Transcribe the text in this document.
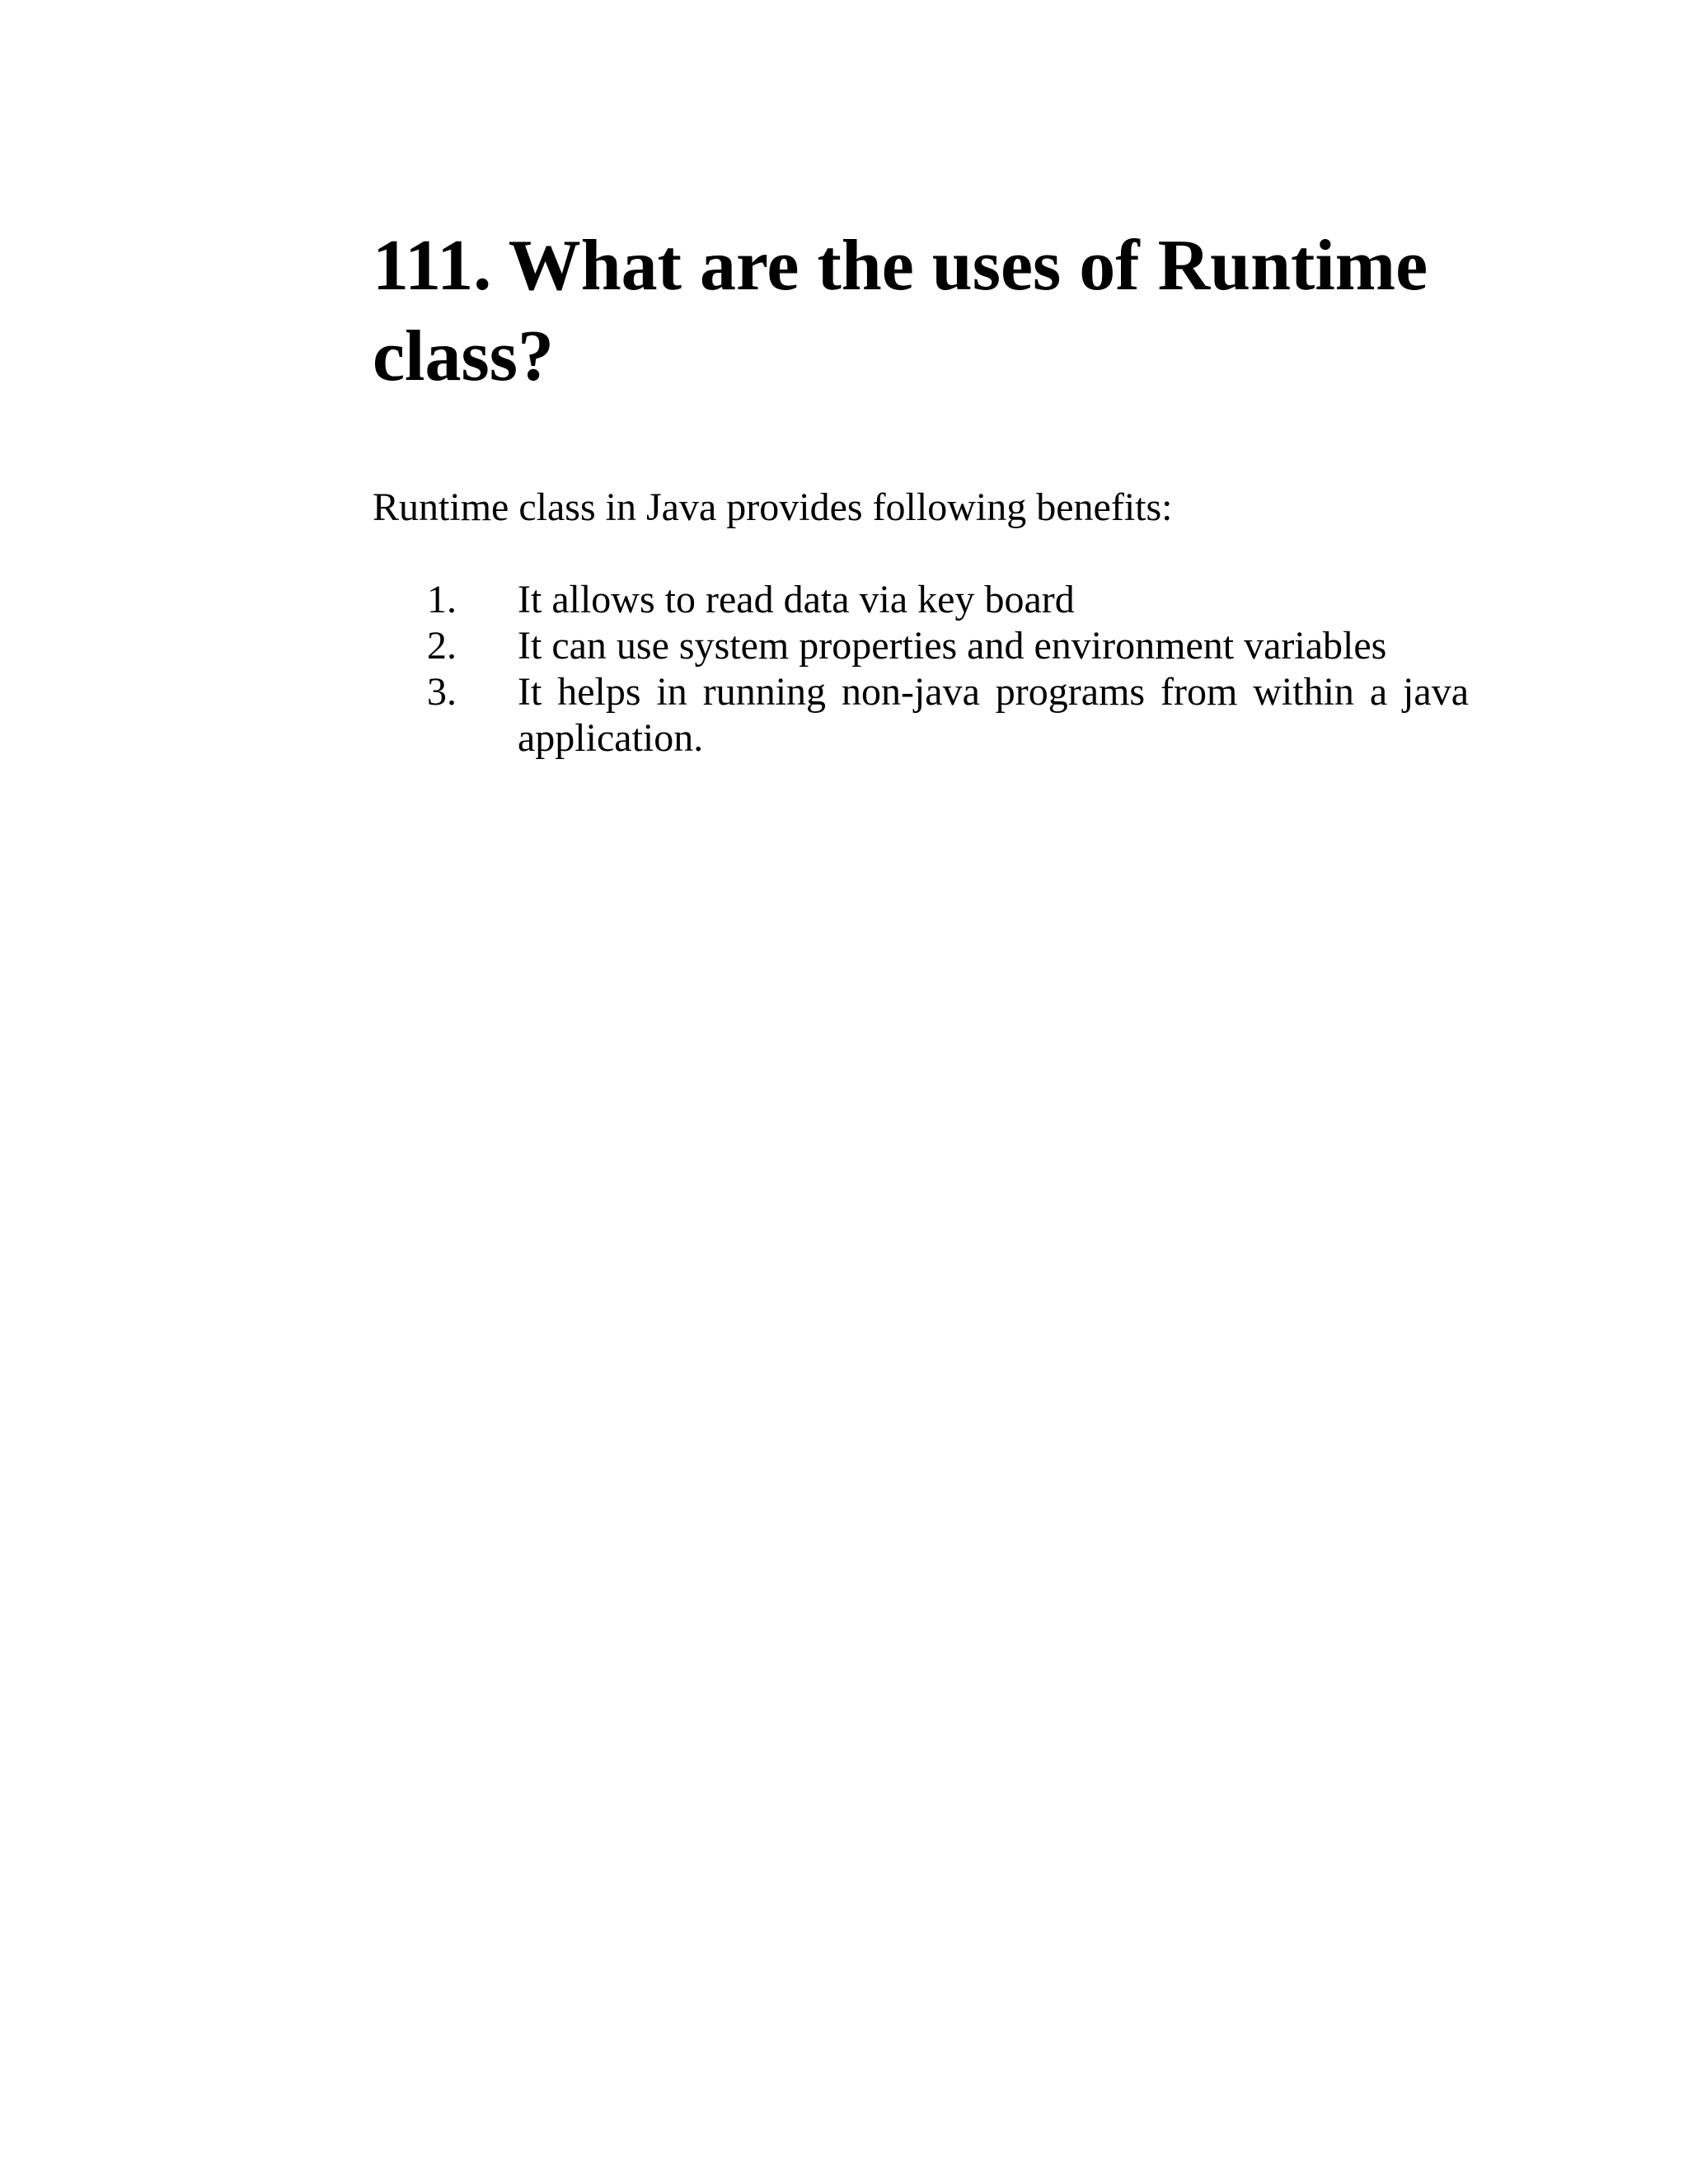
111. What are the uses of Runtime class?

Runtime class in Java provides following benefits:

1.	It allows to read data via key board
2.	It can use system properties and environment variables
3.	It helps in running non-java programs from within a java application.
